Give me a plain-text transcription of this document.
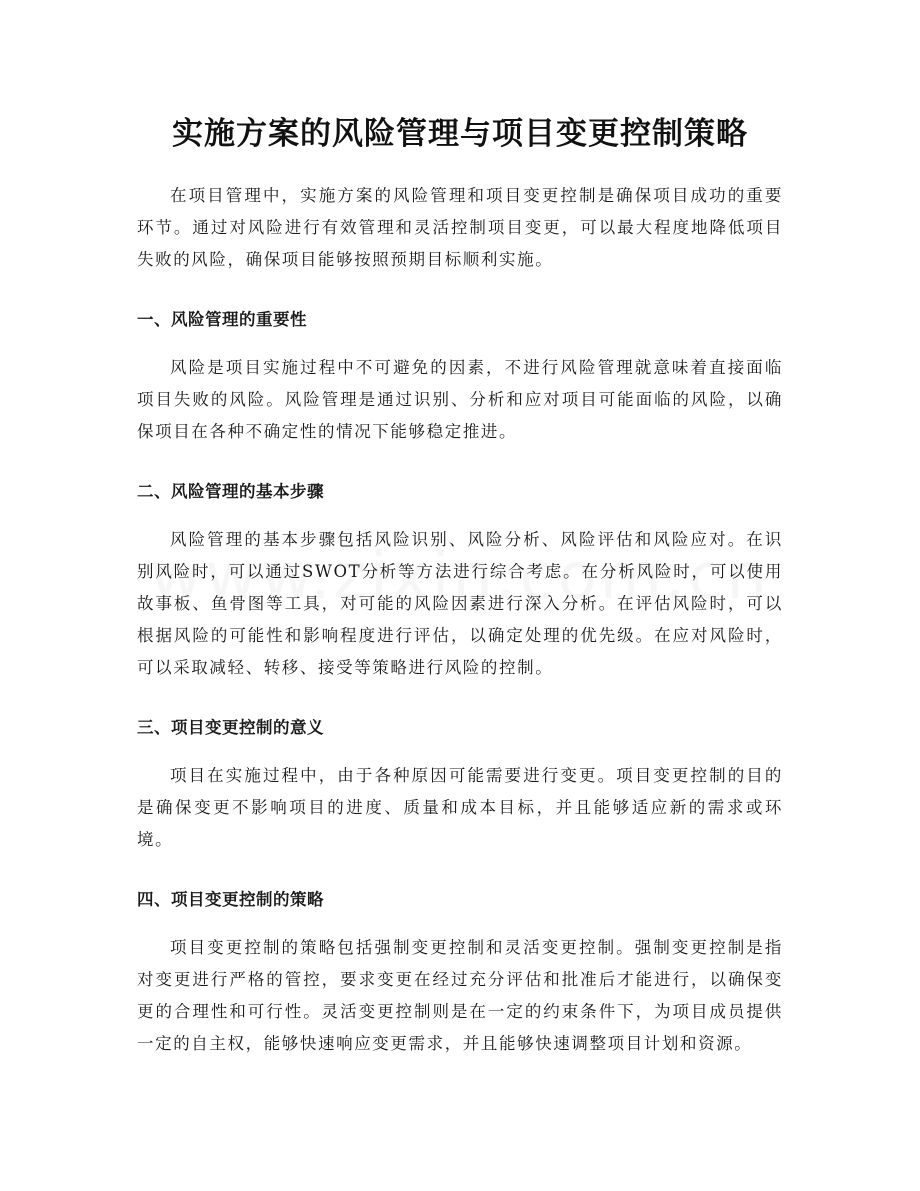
实施方案的风险管理与项目变更控制策略

在项目管理中，实施方案的风险管理和项目变更控制是确保项目成功的重要环节。通过对风险进行有效管理和灵活控制项目变更，可以最大程度地降低项目失败的风险，确保项目能够按照预期目标顺利实施。

一、风险管理的重要性

风险是项目实施过程中不可避免的因素，不进行风险管理就意味着直接面临项目失败的风险。风险管理是通过识别、分析和应对项目可能面临的风险，以确保项目在各种不确定性的情况下能够稳定推进。

二、风险管理的基本步骤

风险管理的基本步骤包括风险识别、风险分析、风险评估和风险应对。在识别风险时，可以通过SWOT分析等方法进行综合考虑。在分析风险时，可以使用故事板、鱼骨图等工具，对可能的风险因素进行深入分析。在评估风险时，可以根据风险的可能性和影响程度进行评估，以确定处理的优先级。在应对风险时，可以采取减轻、转移、接受等策略进行风险的控制。

三、项目变更控制的意义

项目在实施过程中，由于各种原因可能需要进行变更。项目变更控制的目的是确保变更不影响项目的进度、质量和成本目标，并且能够适应新的需求或环境。

四、项目变更控制的策略

项目变更控制的策略包括强制变更控制和灵活变更控制。强制变更控制是指对变更进行严格的管控，要求变更在经过充分评估和批准后才能进行，以确保变更的合理性和可行性。灵活变更控制则是在一定的约束条件下，为项目成员提供一定的自主权，能够快速响应变更需求，并且能够快速调整项目计划和资源。
